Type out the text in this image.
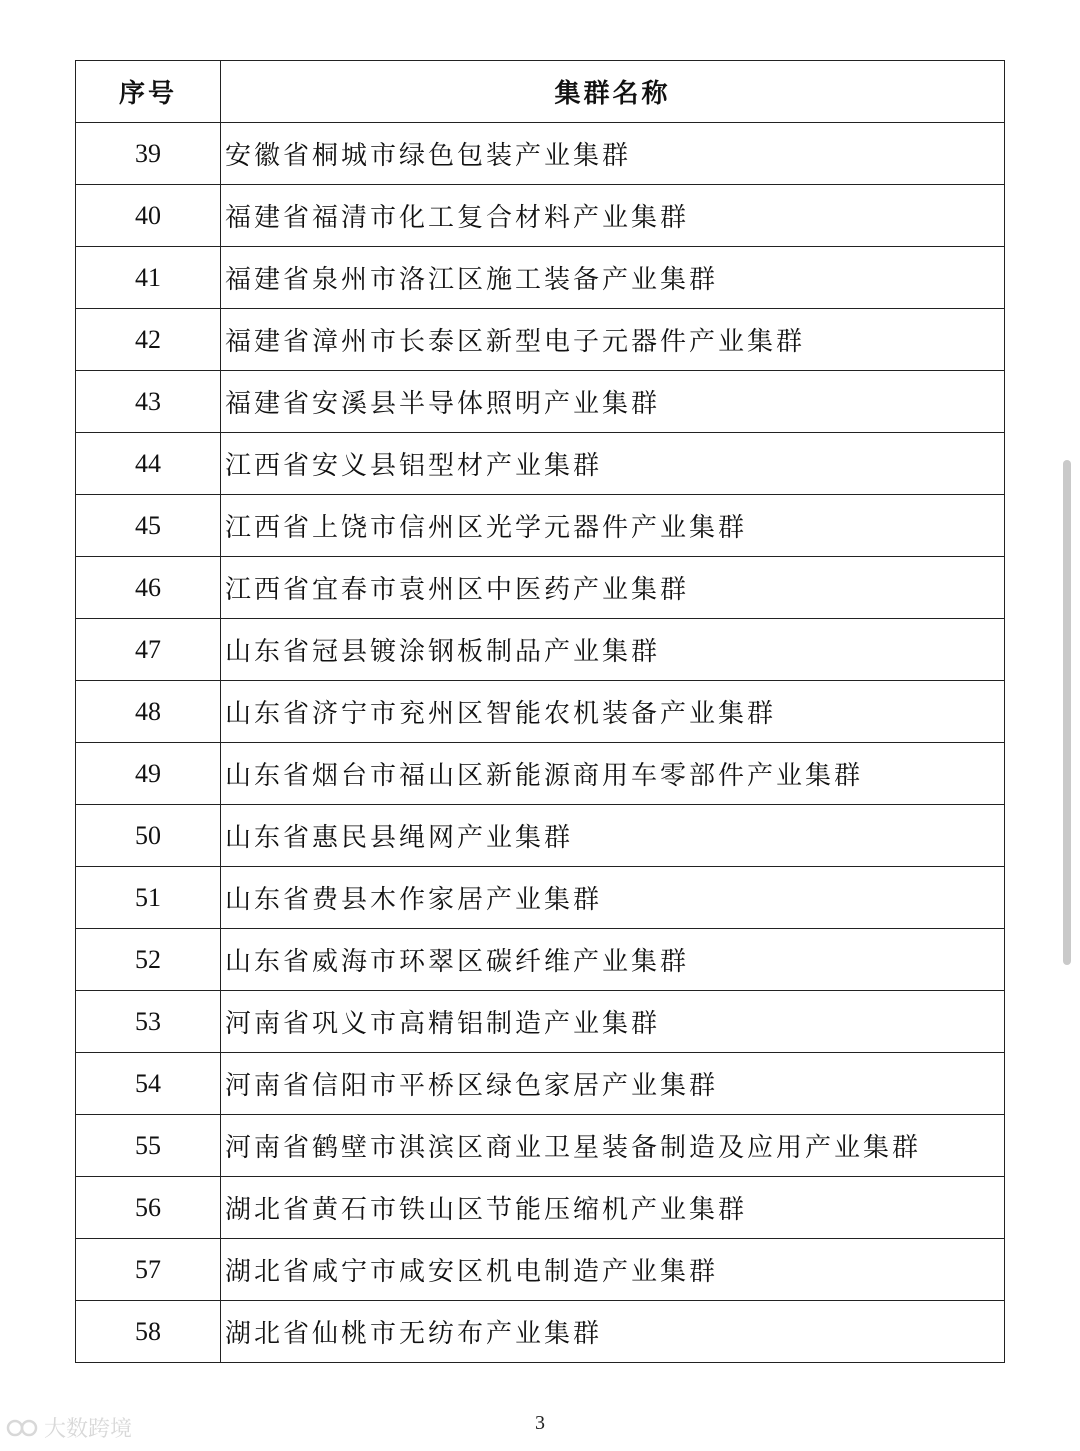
序号	集群名称
39	安徽省桐城市绿色包装产业集群
40	福建省福清市化工复合材料产业集群
41	福建省泉州市洛江区施工装备产业集群
42	福建省漳州市长泰区新型电子元器件产业集群
43	福建省安溪县半导体照明产业集群
44	江西省安义县铝型材产业集群
45	江西省上饶市信州区光学元器件产业集群
46	江西省宜春市袁州区中医药产业集群
47	山东省冠县镀涂钢板制品产业集群
48	山东省济宁市兖州区智能农机装备产业集群
49	山东省烟台市福山区新能源商用车零部件产业集群
50	山东省惠民县绳网产业集群
51	山东省费县木作家居产业集群
52	山东省威海市环翠区碳纤维产业集群
53	河南省巩义市高精铝制造产业集群
54	河南省信阳市平桥区绿色家居产业集群
55	河南省鹤壁市淇滨区商业卫星装备制造及应用产业集群
56	湖北省黄石市铁山区节能压缩机产业集群
57	湖北省咸宁市咸安区机电制造产业集群
58	湖北省仙桃市无纺布产业集群
3
大数跨境
